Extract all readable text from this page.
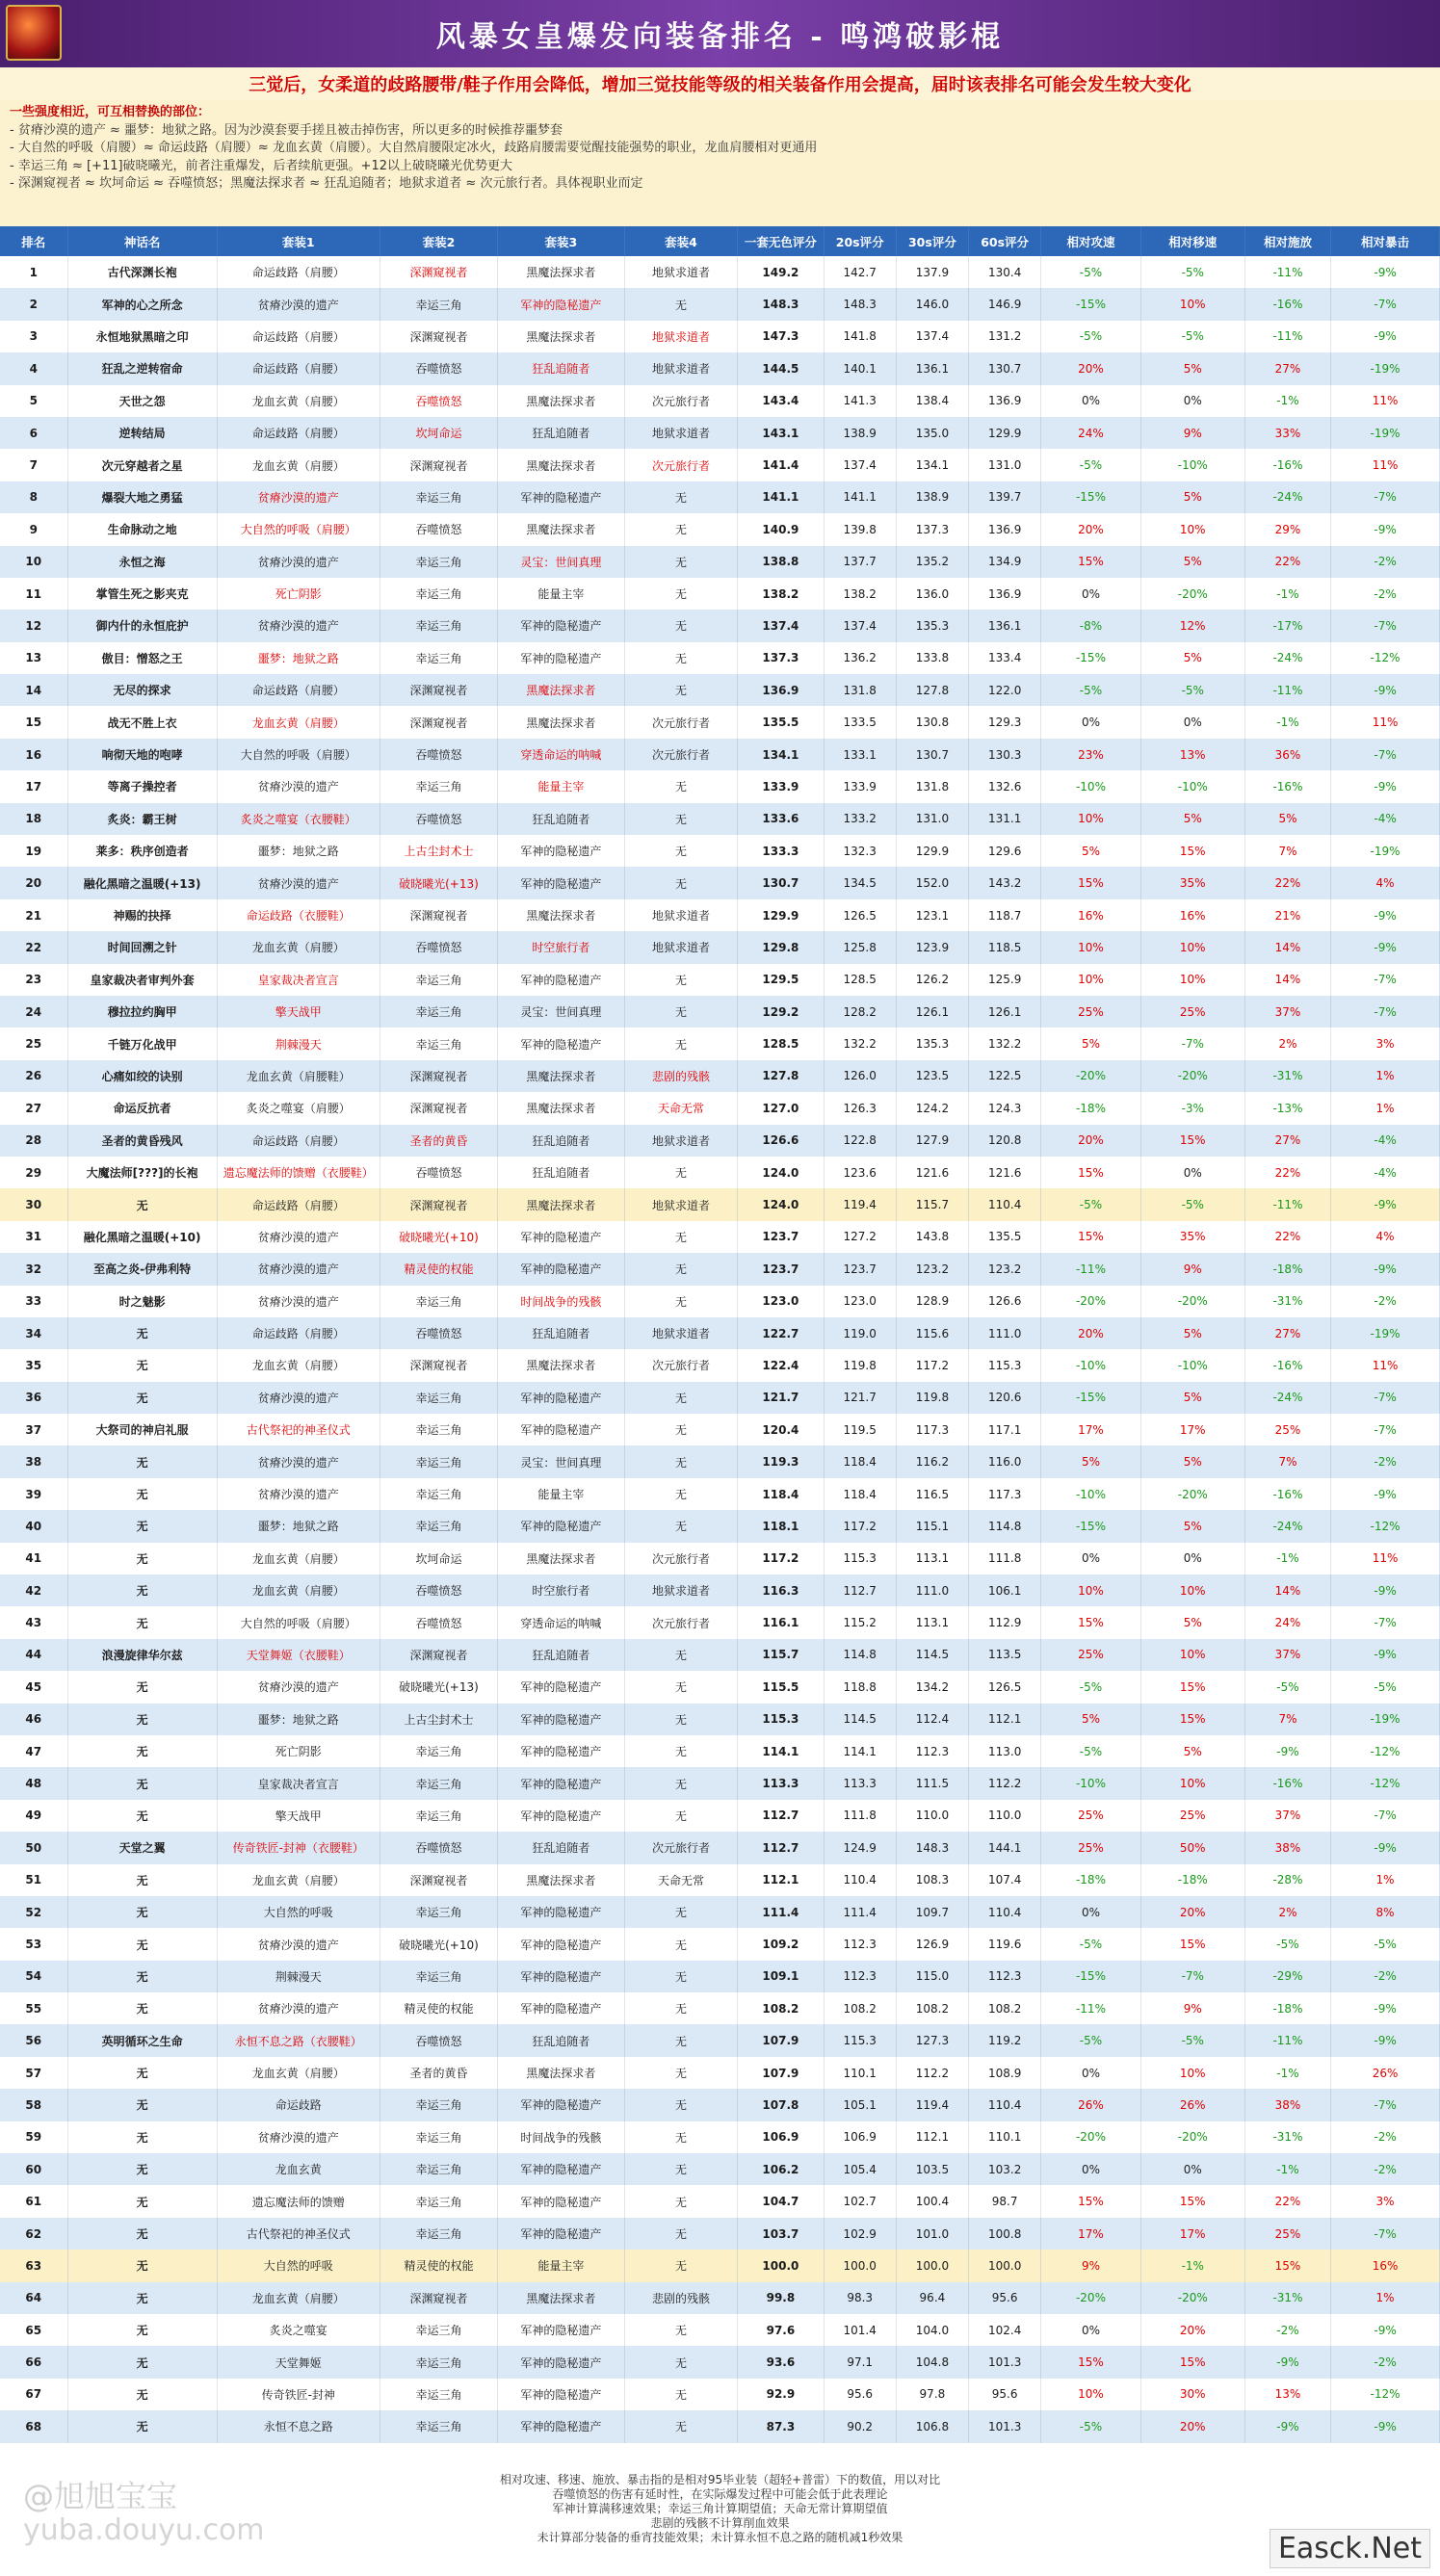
风暴女皇爆发向装备排名 - 鸣鸿破影棍
三觉后，女柔道的歧路腰带/鞋子作用会降低，增加三觉技能等级的相关装备作用会提高，届时该表排名可能会发生较大变化
一些强度相近，可互相替换的部位：
- 贫瘠沙漠的遗产 ≈ 噩梦：地狱之路。因为沙漠套要手搓且被击掉伤害，所以更多的时候推荐噩梦套
- 大自然的呼吸（肩腰）≈ 命运歧路（肩腰）≈ 龙血玄黄（肩腰）。大自然肩腰限定冰火，歧路肩腰需要觉醒技能强势的职业，龙血肩腰相对更通用
- 幸运三角 ≈ [+11]破晓曦光，前者注重爆发，后者续航更强。+12以上破晓曦光优势更大
- 深渊窥视者 ≈ 坎坷命运 ≈ 吞噬愤怒；黑魔法探求者 ≈ 狂乱追随者；地狱求道者 ≈ 次元旅行者。具体视职业而定
排名	神话名	套装1	套装2	套装3	套装4	一套无色评分	20s评分	30s评分	60s评分	相对攻速	相对移速	相对施放	相对暴击
1	古代深渊长袍	命运歧路（肩腰）	深渊窥视者	黑魔法探求者	地狱求道者	149.2	142.7	137.9	130.4	-5%	-5%	-11%	-9%
2	军神的心之所念	贫瘠沙漠的遗产	幸运三角	军神的隐秘遗产	无	148.3	148.3	146.0	146.9	-15%	10%	-16%	-7%
3	永恒地狱黑暗之印	命运歧路（肩腰）	深渊窥视者	黑魔法探求者	地狱求道者	147.3	141.8	137.4	131.2	-5%	-5%	-11%	-9%
4	狂乱之逆转宿命	命运歧路（肩腰）	吞噬愤怒	狂乱追随者	地狱求道者	144.5	140.1	136.1	130.7	20%	5%	27%	-19%
5	天世之怨	龙血玄黄（肩腰）	吞噬愤怒	黑魔法探求者	次元旅行者	143.4	141.3	138.4	136.9	0%	0%	-1%	11%
6	逆转结局	命运歧路（肩腰）	坎坷命运	狂乱追随者	地狱求道者	143.1	138.9	135.0	129.9	24%	9%	33%	-19%
7	次元穿越者之星	龙血玄黄（肩腰）	深渊窥视者	黑魔法探求者	次元旅行者	141.4	137.4	134.1	131.0	-5%	-10%	-16%	11%
8	爆裂大地之勇猛	贫瘠沙漠的遗产	幸运三角	军神的隐秘遗产	无	141.1	141.1	138.9	139.7	-15%	5%	-24%	-7%
9	生命脉动之地	大自然的呼吸（肩腰）	吞噬愤怒	黑魔法探求者	无	140.9	139.8	137.3	136.9	20%	10%	29%	-9%
10	永恒之海	贫瘠沙漠的遗产	幸运三角	灵宝：世间真理	无	138.8	137.7	135.2	134.9	15%	5%	22%	-2%
11	掌管生死之影夹克	死亡阴影	幸运三角	能量主宰	无	138.2	138.2	136.0	136.9	0%	-20%	-1%	-2%
12	御内什的永恒庇护	贫瘠沙漠的遗产	幸运三角	军神的隐秘遗产	无	137.4	137.4	135.3	136.1	-8%	12%	-17%	-7%
13	傲目：憎怒之王	噩梦：地狱之路	幸运三角	军神的隐秘遗产	无	137.3	136.2	133.8	133.4	-15%	5%	-24%	-12%
14	无尽的探求	命运歧路（肩腰）	深渊窥视者	黑魔法探求者	无	136.9	131.8	127.8	122.0	-5%	-5%	-11%	-9%
15	战无不胜上衣	龙血玄黄（肩腰）	深渊窥视者	黑魔法探求者	次元旅行者	135.5	133.5	130.8	129.3	0%	0%	-1%	11%
16	响彻天地的咆哮	大自然的呼吸（肩腰）	吞噬愤怒	穿透命运的呐喊	次元旅行者	134.1	133.1	130.7	130.3	23%	13%	36%	-7%
17	等离子操控者	贫瘠沙漠的遗产	幸运三角	能量主宰	无	133.9	133.9	131.8	132.6	-10%	-10%	-16%	-9%
18	炙炎：霸王树	炙炎之噬宴（衣腰鞋）	吞噬愤怒	狂乱追随者	无	133.6	133.2	131.0	131.1	10%	5%	5%	-4%
19	莱多：秩序创造者	噩梦：地狱之路	上古尘封术士	军神的隐秘遗产	无	133.3	132.3	129.9	129.6	5%	15%	7%	-19%
20	融化黑暗之温暖(+13)	贫瘠沙漠的遗产	破晓曦光(+13)	军神的隐秘遗产	无	130.7	134.5	152.0	143.2	15%	35%	22%	4%
21	神赐的抉择	命运歧路（衣腰鞋）	深渊窥视者	黑魔法探求者	地狱求道者	129.9	126.5	123.1	118.7	16%	16%	21%	-9%
22	时间回溯之针	龙血玄黄（肩腰）	吞噬愤怒	时空旅行者	地狱求道者	129.8	125.8	123.9	118.5	10%	10%	14%	-9%
23	皇家裁决者审判外套	皇家裁决者宣言	幸运三角	军神的隐秘遗产	无	129.5	128.5	126.2	125.9	10%	10%	14%	-7%
24	穆拉拉约胸甲	擎天战甲	幸运三角	灵宝：世间真理	无	129.2	128.2	126.1	126.1	25%	25%	37%	-7%
25	千链万化战甲	荆棘漫天	幸运三角	军神的隐秘遗产	无	128.5	132.2	135.3	132.2	5%	-7%	2%	3%
26	心痛如绞的诀别	龙血玄黄（肩腰鞋）	深渊窥视者	黑魔法探求者	悲剧的残骸	127.8	126.0	123.5	122.5	-20%	-20%	-31%	1%
27	命运反抗者	炙炎之噬宴（肩腰）	深渊窥视者	黑魔法探求者	天命无常	127.0	126.3	124.2	124.3	-18%	-3%	-13%	1%
28	圣者的黄昏残风	命运歧路（肩腰）	圣者的黄昏	狂乱追随者	地狱求道者	126.6	122.8	127.9	120.8	20%	15%	27%	-4%
29	大魔法师[???]的长袍	遗忘魔法师的馈赠（衣腰鞋）	吞噬愤怒	狂乱追随者	无	124.0	123.6	121.6	121.6	15%	0%	22%	-4%
30	无	命运歧路（肩腰）	深渊窥视者	黑魔法探求者	地狱求道者	124.0	119.4	115.7	110.4	-5%	-5%	-11%	-9%
31	融化黑暗之温暖(+10)	贫瘠沙漠的遗产	破晓曦光(+10)	军神的隐秘遗产	无	123.7	127.2	143.8	135.5	15%	35%	22%	4%
32	至高之炎-伊弗利特	贫瘠沙漠的遗产	精灵使的权能	军神的隐秘遗产	无	123.7	123.7	123.2	123.2	-11%	9%	-18%	-9%
33	时之魅影	贫瘠沙漠的遗产	幸运三角	时间战争的残骸	无	123.0	123.0	128.9	126.6	-20%	-20%	-31%	-2%
34	无	命运歧路（肩腰）	吞噬愤怒	狂乱追随者	地狱求道者	122.7	119.0	115.6	111.0	20%	5%	27%	-19%
35	无	龙血玄黄（肩腰）	深渊窥视者	黑魔法探求者	次元旅行者	122.4	119.8	117.2	115.3	-10%	-10%	-16%	11%
36	无	贫瘠沙漠的遗产	幸运三角	军神的隐秘遗产	无	121.7	121.7	119.8	120.6	-15%	5%	-24%	-7%
37	大祭司的神启礼服	古代祭祀的神圣仪式	幸运三角	军神的隐秘遗产	无	120.4	119.5	117.3	117.1	17%	17%	25%	-7%
38	无	贫瘠沙漠的遗产	幸运三角	灵宝：世间真理	无	119.3	118.4	116.2	116.0	5%	5%	7%	-2%
39	无	贫瘠沙漠的遗产	幸运三角	能量主宰	无	118.4	118.4	116.5	117.3	-10%	-20%	-16%	-9%
40	无	噩梦：地狱之路	幸运三角	军神的隐秘遗产	无	118.1	117.2	115.1	114.8	-15%	5%	-24%	-12%
41	无	龙血玄黄（肩腰）	坎坷命运	黑魔法探求者	次元旅行者	117.2	115.3	113.1	111.8	0%	0%	-1%	11%
42	无	龙血玄黄（肩腰）	吞噬愤怒	时空旅行者	地狱求道者	116.3	112.7	111.0	106.1	10%	10%	14%	-9%
43	无	大自然的呼吸（肩腰）	吞噬愤怒	穿透命运的呐喊	次元旅行者	116.1	115.2	113.1	112.9	15%	5%	24%	-7%
44	浪漫旋律华尔兹	天堂舞姬（衣腰鞋）	深渊窥视者	狂乱追随者	无	115.7	114.8	114.5	113.5	25%	10%	37%	-9%
45	无	贫瘠沙漠的遗产	破晓曦光(+13)	军神的隐秘遗产	无	115.5	118.8	134.2	126.5	-5%	15%	-5%	-5%
46	无	噩梦：地狱之路	上古尘封术士	军神的隐秘遗产	无	115.3	114.5	112.4	112.1	5%	15%	7%	-19%
47	无	死亡阴影	幸运三角	军神的隐秘遗产	无	114.1	114.1	112.3	113.0	-5%	5%	-9%	-12%
48	无	皇家裁决者宣言	幸运三角	军神的隐秘遗产	无	113.3	113.3	111.5	112.2	-10%	10%	-16%	-12%
49	无	擎天战甲	幸运三角	军神的隐秘遗产	无	112.7	111.8	110.0	110.0	25%	25%	37%	-7%
50	天堂之翼	传奇铁匠-封神（衣腰鞋）	吞噬愤怒	狂乱追随者	次元旅行者	112.7	124.9	148.3	144.1	25%	50%	38%	-9%
51	无	龙血玄黄（肩腰）	深渊窥视者	黑魔法探求者	天命无常	112.1	110.4	108.3	107.4	-18%	-18%	-28%	1%
52	无	大自然的呼吸	幸运三角	军神的隐秘遗产	无	111.4	111.4	109.7	110.4	0%	20%	2%	8%
53	无	贫瘠沙漠的遗产	破晓曦光(+10)	军神的隐秘遗产	无	109.2	112.3	126.9	119.6	-5%	15%	-5%	-5%
54	无	荆棘漫天	幸运三角	军神的隐秘遗产	无	109.1	112.3	115.0	112.3	-15%	-7%	-29%	-2%
55	无	贫瘠沙漠的遗产	精灵使的权能	军神的隐秘遗产	无	108.2	108.2	108.2	108.2	-11%	9%	-18%	-9%
56	英明循环之生命	永恒不息之路（衣腰鞋）	吞噬愤怒	狂乱追随者	无	107.9	115.3	127.3	119.2	-5%	-5%	-11%	-9%
57	无	龙血玄黄（肩腰）	圣者的黄昏	黑魔法探求者	无	107.9	110.1	112.2	108.9	0%	10%	-1%	26%
58	无	命运歧路	幸运三角	军神的隐秘遗产	无	107.8	105.1	119.4	110.4	26%	26%	38%	-7%
59	无	贫瘠沙漠的遗产	幸运三角	时间战争的残骸	无	106.9	106.9	112.1	110.1	-20%	-20%	-31%	-2%
60	无	龙血玄黄	幸运三角	军神的隐秘遗产	无	106.2	105.4	103.5	103.2	0%	0%	-1%	-2%
61	无	遗忘魔法师的馈赠	幸运三角	军神的隐秘遗产	无	104.7	102.7	100.4	98.7	15%	15%	22%	3%
62	无	古代祭祀的神圣仪式	幸运三角	军神的隐秘遗产	无	103.7	102.9	101.0	100.8	17%	17%	25%	-7%
63	无	大自然的呼吸	精灵使的权能	能量主宰	无	100.0	100.0	100.0	100.0	9%	-1%	15%	16%
64	无	龙血玄黄（肩腰）	深渊窥视者	黑魔法探求者	悲剧的残骸	99.8	98.3	96.4	95.6	-20%	-20%	-31%	1%
65	无	炙炎之噬宴	幸运三角	军神的隐秘遗产	无	97.6	101.4	104.0	102.4	0%	20%	-2%	-9%
66	无	天堂舞姬	幸运三角	军神的隐秘遗产	无	93.6	97.1	104.8	101.3	15%	15%	-9%	-2%
67	无	传奇铁匠-封神	幸运三角	军神的隐秘遗产	无	92.9	95.6	97.8	95.6	10%	30%	13%	-12%
68	无	永恒不息之路	幸运三角	军神的隐秘遗产	无	87.3	90.2	106.8	101.3	-5%	20%	-9%	-9%
相对攻速、移速、施放、暴击指的是相对95毕业装（超轻+普雷）下的数值，用以对比
吞噬愤怒的伤害有延时性，在实际爆发过程中可能会低于此表理论
军神计算满移速效果；幸运三角计算期望值；天命无常计算期望值
悲剧的残骸不计算削血效果
未计算部分装备的垂宵技能效果；未计算永恒不息之路的随机减1秒效果
@旭旭宝宝
yuba.douyu.com
Easck.Net
